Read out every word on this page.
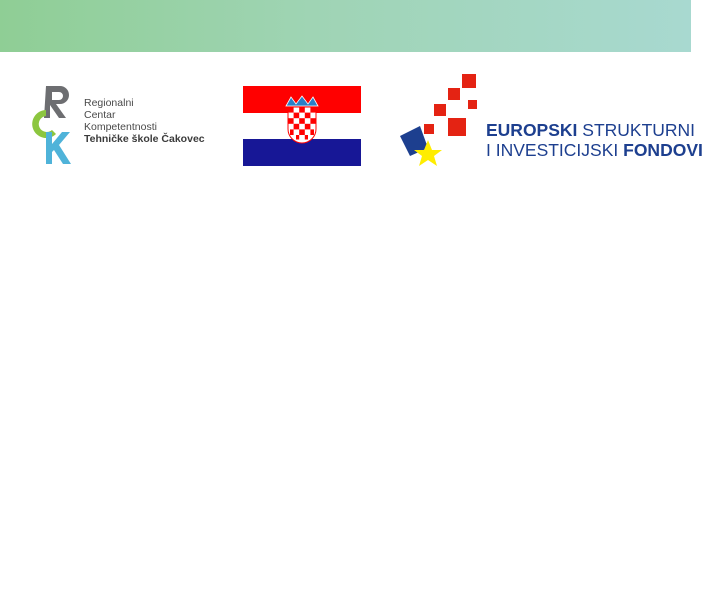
Regionalni
Centar
Kompetentnosti
Tehničke škole Čakovec	EUROPSKI STRUKTURNI
I INVESTICIJSKI FONDOVI
